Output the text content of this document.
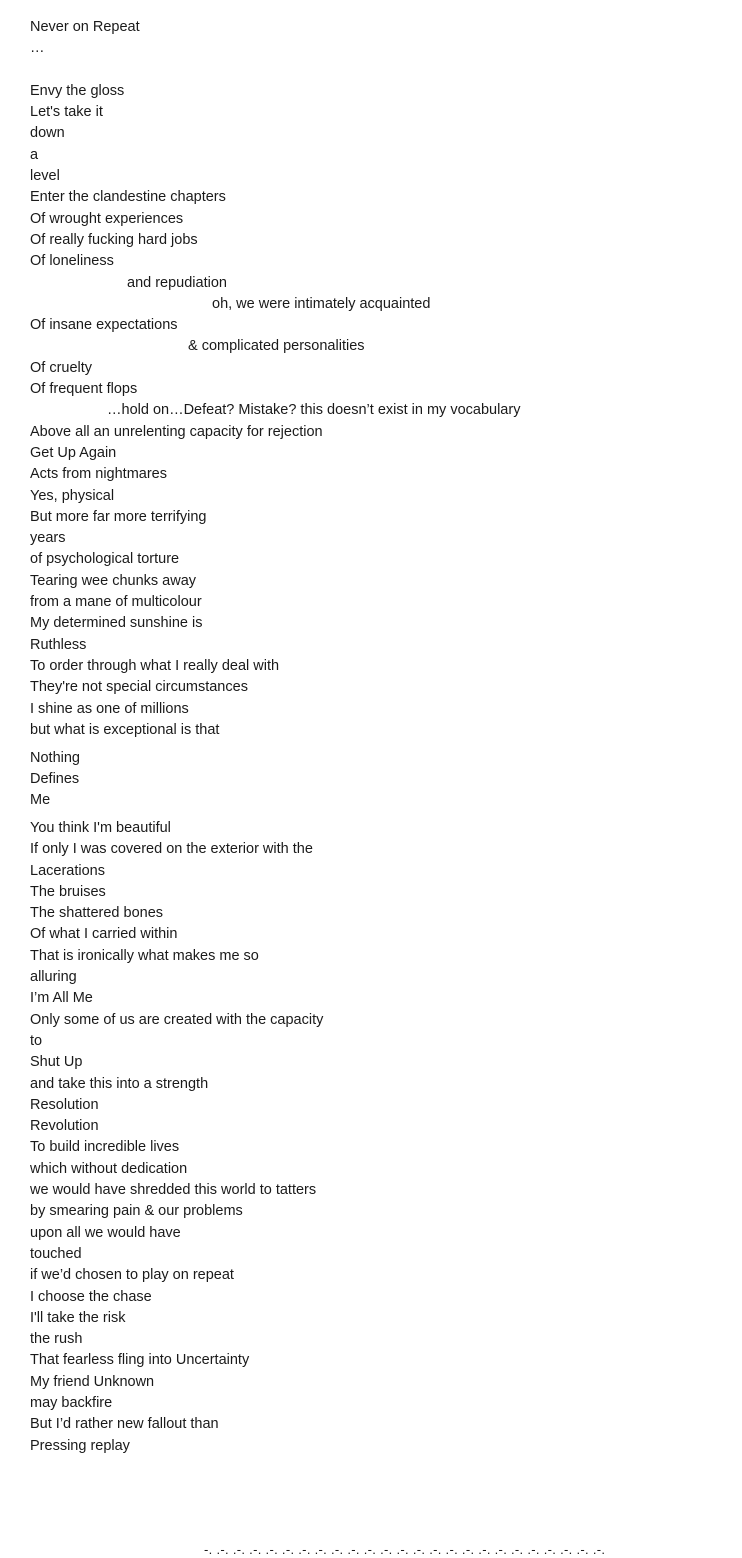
Never on Repeat
…
Envy the gloss
Let's take it
down
a
level
Enter the clandestine chapters
Of wrought experiences
Of really fucking hard jobs
Of loneliness
and repudiation
oh, we were intimately acquainted
Of insane expectations
& complicated personalities
Of cruelty
Of frequent flops
…hold on…Defeat? Mistake? this doesn’t exist in my vocabulary
Above all an unrelenting capacity for rejection
Get Up Again
Acts from nightmares
Yes, physical
But more far more terrifying
years
of psychological torture
Tearing wee chunks away
from a mane of multicolour
My determined sunshine is
Ruthless
To order through what I really deal with
They're not special circumstances
I shine as one of millions
but what is exceptional is that
Nothing
Defines
Me
You think I'm beautiful
If only I was covered on the exterior with the
Lacerations
The bruises
The shattered bones
Of what I carried within
That is ironically what makes me so
alluring
I’m All Me
Only some of us are created with the capacity
to
Shut Up
and take this into a strength
Resolution
Revolution
To build incredible lives
which without dedication
we would have shredded this world to tatters
by smearing pain & our problems
upon all we would have
touched
if we’d chosen to play on repeat
I choose the chase
I'll take the risk
the rush
That fearless fling into Uncertainty
My friend Unknown
may backfire
But I’d rather new fallout than
Pressing replay
-. .-. .-. .-. .-. .-. .-. .-. .-. .-. .-. .-. .-. .-. .-. .-. .-. .-. .-. .-. .-. .-. .-. .-. .-.
